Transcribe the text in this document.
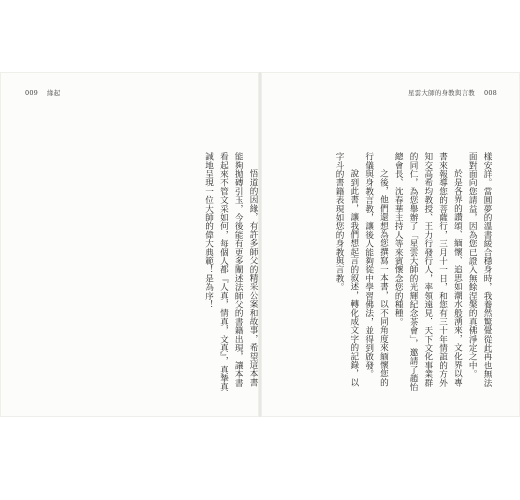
009 緣起	星雲大師的身教與言教 008
悟道的因緣，有許多師父的精采公案和故事，希望這本書能夠拋磚引玉，今後能有更多闡述法師父的書籍出現，讓本書看起來不管文采如何，每個人都『人真，情真，文真』，真摯真誠地呈現一位大師的偉大典範！是為序！	樣安詳。當圓夢的溫書緩合穩身時，我養然驚覺從此再也無法面對面向您請益，因為您已證入無餘涅槃的真佛淨定之中。
於是各界的讚頌、緬懷、追思如潮水般湧來，文化界以專書來報導您的菩薩行，三月十一日，和您有三十年情誼的方外知交高希均教授、王力行發行人，率領遠見．天下文化事業群的同仁，為您舉辦了「星雲大師的光輝紀念茶會」，邀請了趙怡總會長、沈春華主持人等來賓懷念您的種種。
之後，他們還想為您撰寫一本書，以不同角度來緬懷您的行儀與身教言教，讓後人能夠從中學習佛法，並得到啟發。
說到此書，讓我們想起言的叙述，轉化成文字的記錄，以字斗的書籍表現如您的身教與言教。
